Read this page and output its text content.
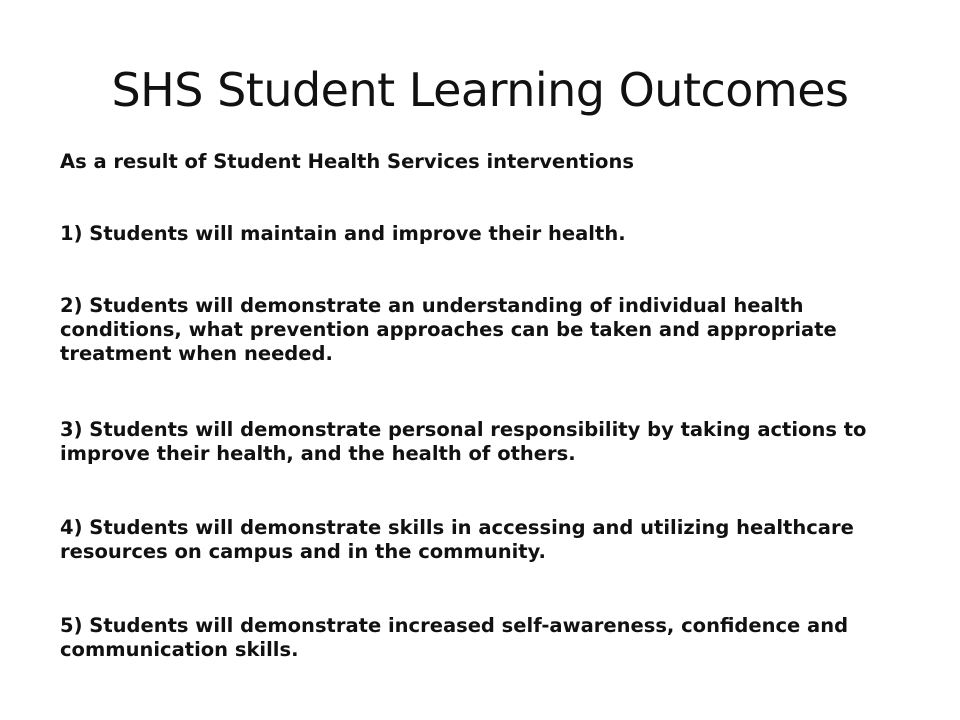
SHS Student Learning Outcomes

As a result of Student Health Services interventions

1) Students will maintain and improve their health.

2) Students will demonstrate an understanding of individual health conditions, what prevention approaches can be taken and appropriate treatment when needed.

3) Students will demonstrate personal responsibility by taking actions to improve their health, and the health of others.

4) Students will demonstrate skills in accessing and utilizing healthcare resources on campus and in the community.

5) Students will demonstrate increased self-awareness, confidence and communication skills.
